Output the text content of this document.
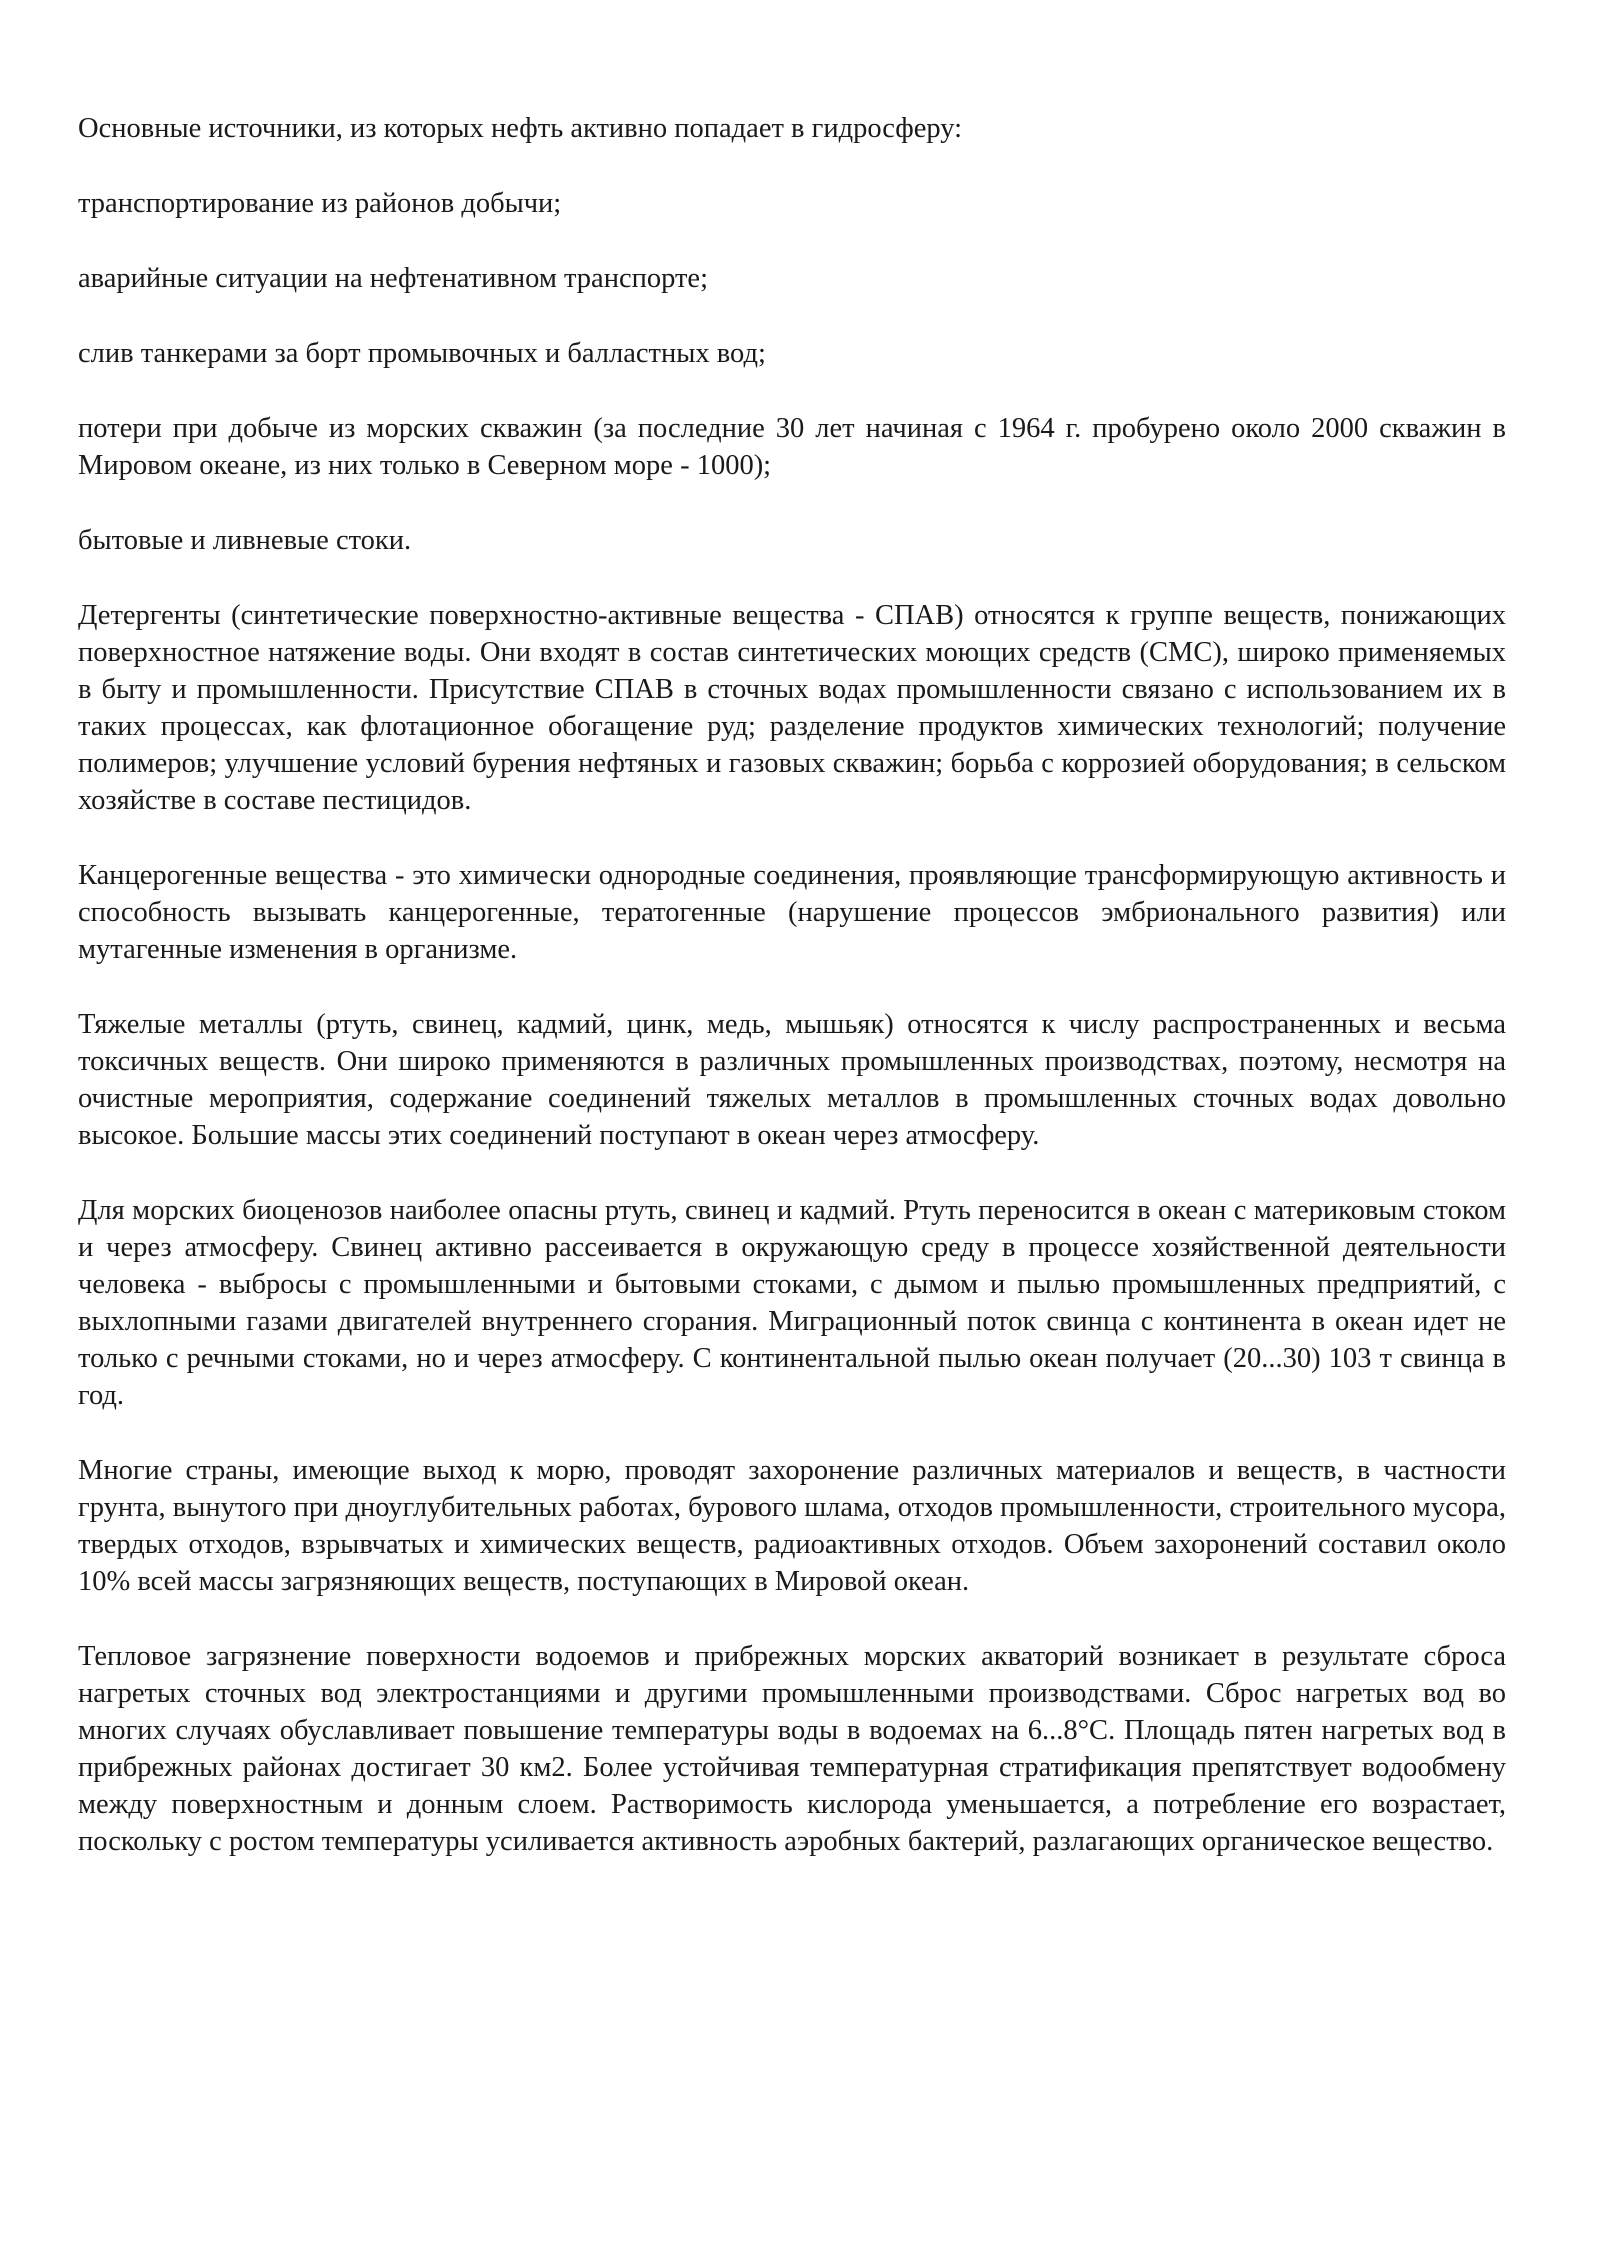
Основные источники, из которых нефть активно попадает в гидросферу:

транспортирование из районов добычи;

аварийные ситуации на нефтенативном транспорте;

слив танкерами за борт промывочных и балластных вод;

потери при добыче из морских скважин (за последние 30 лет начиная с 1964 г. пробурено около 2000 скважин в Мировом океане, из них только в Северном море - 1000);

бытовые и ливневые стоки.

Детергенты (синтетические поверхностно-активные вещества - СПАВ) относятся к группе веществ, понижающих поверхностное натяжение воды. Они входят в состав синтетических моющих средств (СМС), широко применяемых в быту и промышленности. Присутствие СПАВ в сточных водах промышленности связано с использованием их в таких процессах, как флотационное обогащение руд; разделение продуктов химических технологий; получение полимеров; улучшение условий бурения нефтяных и газовых скважин; борьба с коррозией оборудования; в сельском хозяйстве в составе пестицидов.

Канцерогенные вещества - это химически однородные соединения, проявляющие трансформирующую активность и способность вызывать канцерогенные, тератогенные (нарушение процессов эмбрионального развития) или мутагенные изменения в организме.

Тяжелые металлы (ртуть, свинец, кадмий, цинк, медь, мышьяк) относятся к числу распространенных и весьма токсичных веществ. Они широко применяются в различных промышленных производствах, поэтому, несмотря на очистные мероприятия, содержание соединений тяжелых металлов в промышленных сточных водах довольно высокое. Большие массы этих соединений поступают в океан через атмосферу.

Для морских биоценозов наиболее опасны ртуть, свинец и кадмий. Ртуть переносится в океан с материковым стоком и через атмосферу. Свинец активно рассеивается в окружающую среду в процессе хозяйственной деятельности человека - выбросы с промышленными и бытовыми стоками, с дымом и пылью промышленных предприятий, с выхлопными газами двигателей внутреннего сгорания. Миграционный поток свинца с континента в океан идет не только с речными стоками, но и через атмосферу. С континентальной пылью океан получает (20...30) 103 т свинца в год.

Многие страны, имеющие выход к морю, проводят захоронение различных материалов и веществ, в частности грунта, вынутого при дноуглубительных работах, бурового шлама, отходов промышленности, строительного мусора, твердых отходов, взрывчатых и химических веществ, радиоактивных отходов. Объем захоронений составил около 10% всей массы загрязняющих веществ, поступающих в Мировой океан.

Тепловое загрязнение поверхности водоемов и прибрежных морских акваторий возникает в результате сброса нагретых сточных вод электростанциями и другими промышленными производствами. Сброс нагретых вод во многих случаях обуславливает повышение температуры воды в водоемах на 6...8°С. Площадь пятен нагретых вод в прибрежных районах достигает 30 км2. Более устойчивая температурная стратификация препятствует водообмену между поверхностным и донным слоем. Растворимость кислорода уменьшается, а потребление его возрастает, поскольку с ростом температуры усиливается активность аэробных бактерий, разлагающих органическое вещество.
